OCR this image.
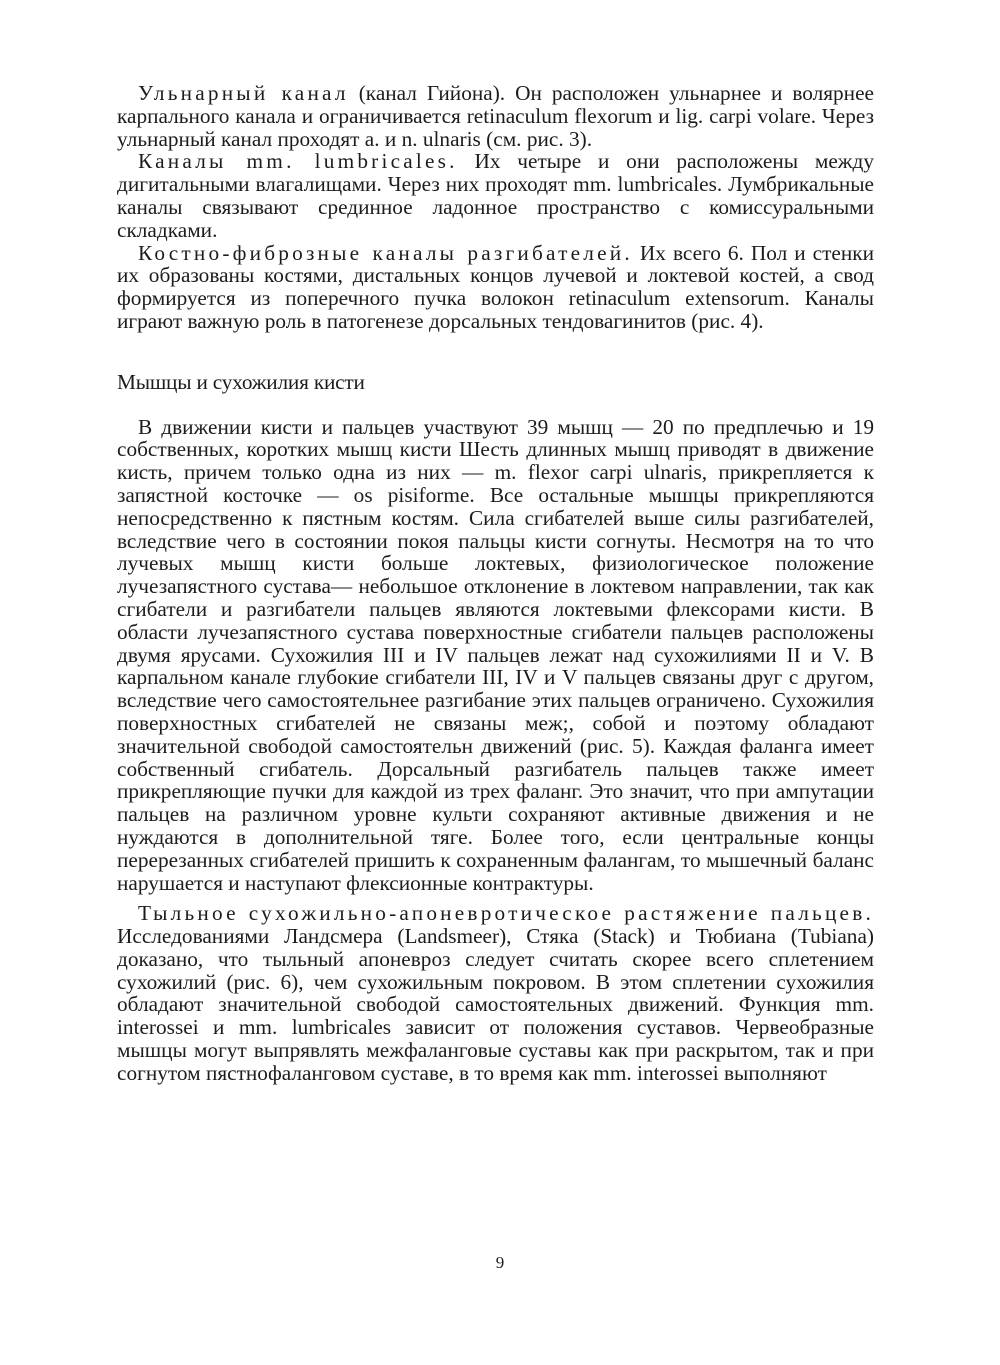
Ульнарный канал (канал Гийона). Он расположен ульнарнее и волярнее карпального канала и ограничивается retinaculum flexorum и lig. carpi volare. Через ульнарный канал проходят a. и n. ulnaris (см. рис. 3).

Каналы mm. lumbricales. Их четыре и они расположены между дигитальными влагалищами. Через них проходят mm. lumbricales. Лумбрикальные каналы связывают срединное ладонное пространство с комиссуральными складками.

Костно-фиброзные каналы разгибателей. Их всего 6. Пол и стенки их образованы костями, дистальных концов лучевой и локтевой костей, а свод формируется из поперечного пучка волокон retinaculum extensorum. Каналы играют важную роль в патогенезе дорсальных тендовагинитов (рис. 4).

Мышцы и сухожилия кисти

В движении кисти и пальцев участвуют 39 мышц — 20 по предплечью и 19 собственных, коротких мышц кисти Шесть длинных мышц приводят в движение кисть, причем только одна из них — m. flexor carpi ulnaris, прикрепляется к запястной косточке — os pisiforme. Все остальные мышцы прикрепляются непосредственно к пястным костям. Сила сгибателей выше силы разгибателей, вследствие чего в состоянии покоя пальцы кисти согнуты. Несмотря на то что лучевых мышц кисти больше локтевых, физиологическое положение лучезапястного сустава— небольшое отклонение в локтевом направлении, так как сгибатели и разгибатели пальцев являются локтевыми флексорами кисти. В области лучезапястного сустава поверхностные сгибатели пальцев расположены двумя ярусами. Сухожилия III и IV пальцев лежат над сухожилиями II и V. В карпальном канале глубокие сгибатели III, IV и V пальцев связаны друг с другом, вследствие чего самостоятельнее разгибание этих пальцев ограничено. Сухожилия поверхностных сгибателей не связаны меж;, собой и поэтому обладают значительной свободой самостоятельн движений (рис. 5). Каждая фаланга имеет собственный сгибатель. Дорсальный разгибатель пальцев также имеет прикрепляющие пучки для каждой из трех фаланг. Это значит, что при ампутации пальцев на различном уровне культи сохраняют активные движения и не нуждаются в дополнительной тяге. Более того, если центральные концы перерезанных сгибателей пришить к сохраненным фалангам, то мышечный баланс нарушается и наступают флексионные контрактуры.

Тыльное сухожильно-апоневротическое растяжение пальцев. Исследованиями Ландсмера (Landsmeer), Стяка (Stack) и Тюбиана (Tubiana) доказано, что тыльный апоневроз следует считать скорее всего сплетением сухожилий (рис. 6), чем сухожильным покровом. В этом сплетении сухожилия обладают значительной свободой самостоятельных движений. Функция mm. interossei и mm. lumbricales зависит от положения суставов. Червеобразные мышцы могут выпрявлять межфаланговые суставы как при раскрытом, так и при согнутом пястнофаланговом суставе, в то время как mm. interossei выполняют

9
